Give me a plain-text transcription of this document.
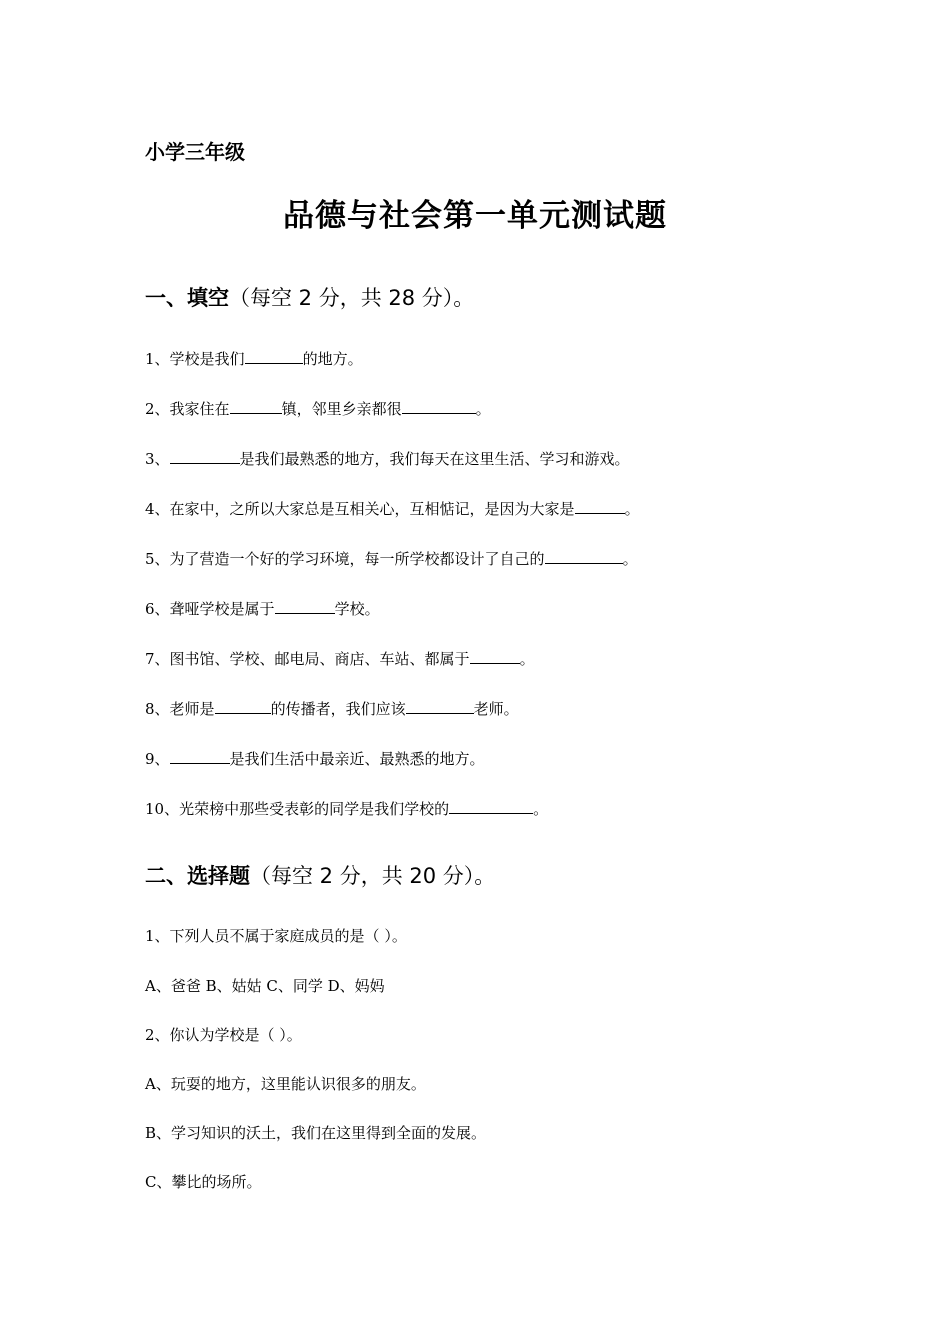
小学三年级
品德与社会第一单元测试题
一、填空（每空 2 分，共 28 分）。
1、学校是我们	的地方。
2、我家住在	镇，邻里乡亲都很	。
3、	是我们最熟悉的地方，我们每天在这里生活、学习和游戏。
4、在家中，之所以大家总是互相关心，互相惦记，是因为大家是	。
5、为了营造一个好的学习环境，每一所学校都设计了自己的	。
6、聋哑学校是属于	学校。
7、图书馆、学校、邮电局、商店、车站、都属于	。
8、老师是	的传播者，我们应该	老师。
9、	是我们生活中最亲近、最熟悉的地方。
10、光荣榜中那些受表彰的同学是我们学校的	。
二、选择题（每空 2 分，共 20 分）。
1、下列人员不属于家庭成员的是（ ）。
A、爸爸 B、姑姑 C、同学 D、妈妈
2、你认为学校是（ ）。
A、玩耍的地方，这里能认识很多的朋友。
B、学习知识的沃土，我们在这里得到全面的发展。
C、攀比的场所。
